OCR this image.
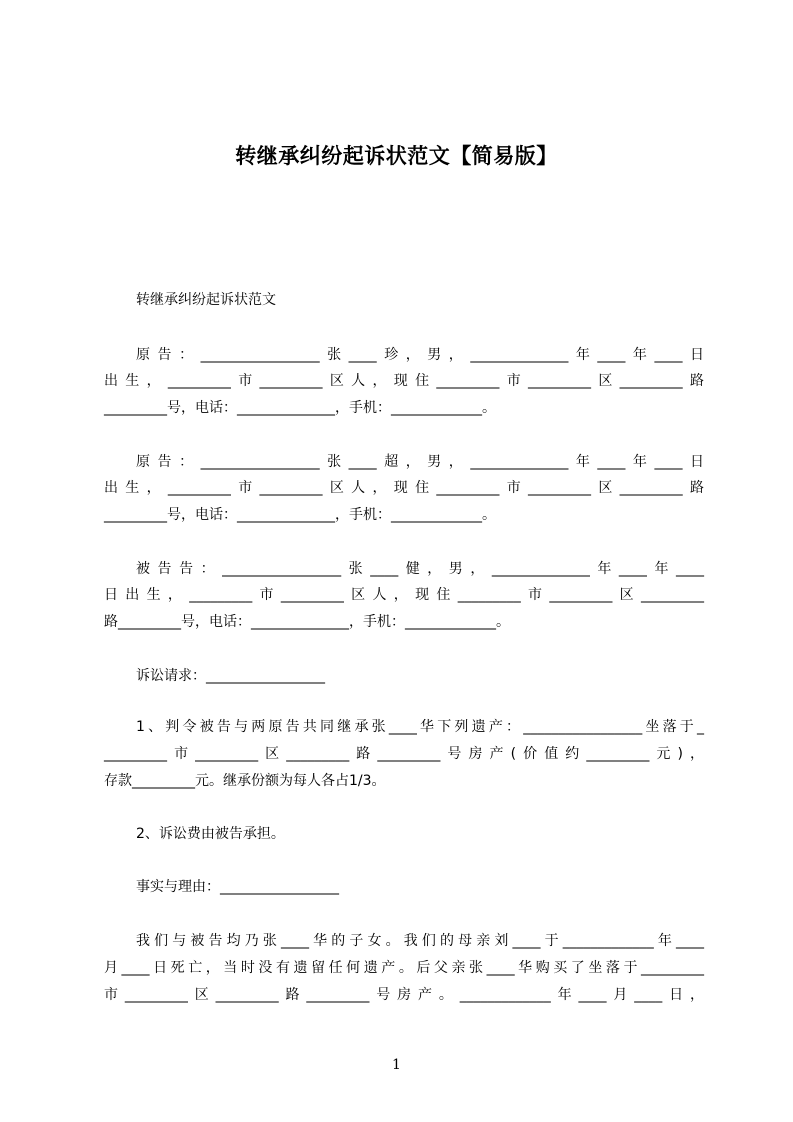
转继承纠纷起诉状范文【简易版】
转继承纠纷起诉状范文
原告：_________________张____珍，男，______________年____年____日
出生，_________市_________区人，现住_________市_________区_________路
_________号，电话：______________，手机：_____________。
原告：_________________张____超，男，______________年____年____日
出生，_________市_________区人，现住_________市_________区_________路
_________号，电话：______________，手机：_____________。
被告告：_________________张____健，男，______________年____年____
日出生，_________市_________区人，现住_________市_________区_________
路_________号，电话：______________，手机：_____________。
诉讼请求：_________________
1、判令被告与两原告共同继承张____华下列遗产：_________________坐落于_
_________市_________区_________路_________号房产(价值约_________元)，
存款_________元。继承份额为每人各占1/3。
2、诉讼费由被告承担。
事实与理由：_________________
我们与被告均乃张____华的子女。我们的母亲刘____于_____________年____
月____日死亡，当时没有遗留任何遗产。后父亲张____华购买了坐落于_________
市_________区_________路_________号房产。_____________年____月____日，
1
